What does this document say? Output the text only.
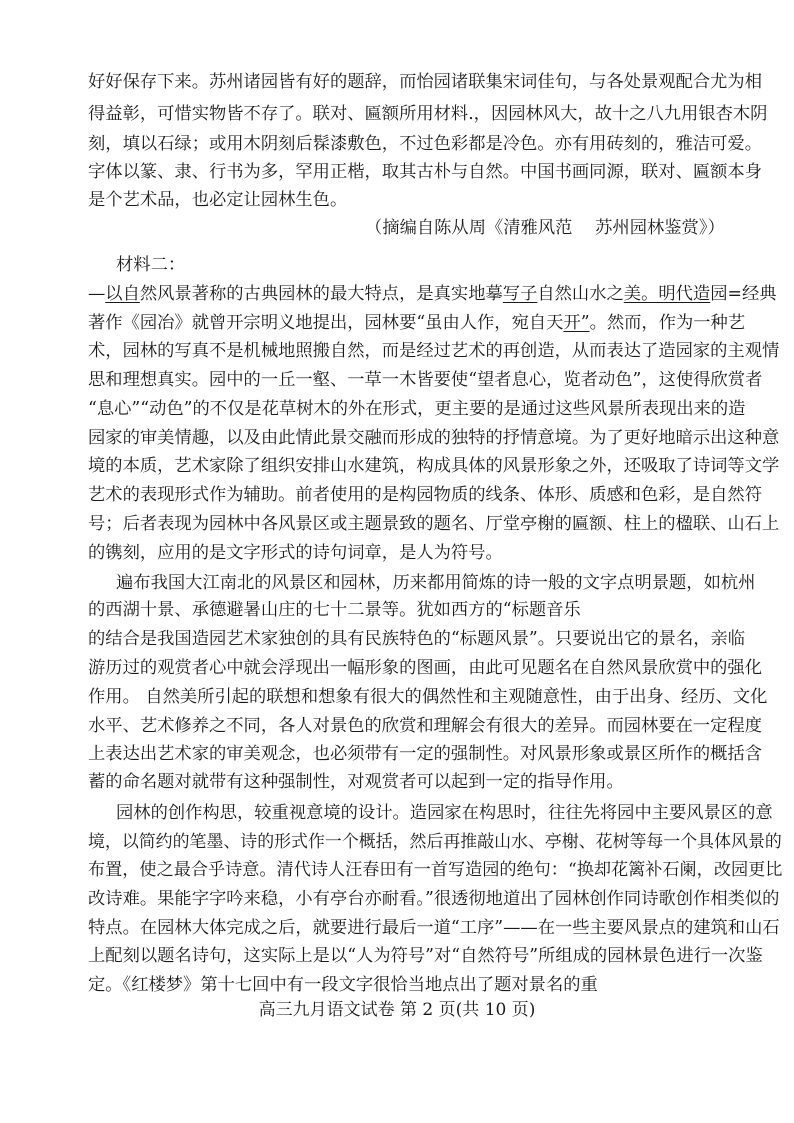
好好保存下来。苏州诸园皆有好的题辞，而怡园诸联集宋词佳句，与各处景观配合尤为相
得益彰，可惜实物皆不存了。联对、匾额所用材料.，因园林风大，故十之八九用银杏木阴
刻，填以石绿；或用木阴刻后髹漆敷色，不过色彩都是冷色。亦有用砖刻的，雅洁可爱。
字体以篆、隶、行书为多，罕用正楷，取其古朴与自然。中国书画同源，联对、匾额本身
是个艺术品，也必定让园林生色。
（摘编自陈从周《清雅风范　 苏州园林鉴赏》）
材料二：
—以自然风景著称的古典园林的最大特点，是真实地摹写子自然山水之美。明代造园=经典
著作《园冶》就曾开宗明义地提出，园林要“虽由人作，宛自天开”。然而，作为一种艺
术，园林的写真不是机械地照搬自然，而是经过艺术的再创造，从而表达了造园家的主观情
思和理想真实。园中的一丘一壑、一草一木皆要使“望者息心，览者动色”，这使得欣赏者
“息心”“动色”的不仅是花草树木的外在形式，更主要的是通过这些风景所表现出来的造
园家的审美情趣，以及由此情此景交融而形成的独特的抒情意境。为了更好地暗示出这种意
境的本质，艺术家除了组织安排山水建筑，构成具体的风景形象之外，还吸取了诗词等文学
艺术的表现形式作为辅助。前者使用的是构园物质的线条、体形、质感和色彩，是自然符
号；后者表现为园林中各风景区或主题景致的题名、厅堂亭榭的匾额、柱上的楹联、山石上
的镌刻，应用的是文字形式的诗句词章，是人为符号。
遍布我国大江南北的风景区和园林，历来都用简炼的诗一般的文字点明景题，如杭州
的西湖十景、承德避暑山庄的七十二景等。犹如西方的“标题音乐
的结合是我国造园艺术家独创的具有民族特色的“标题风景”。只要说出它的景名，亲临
游历过的观赏者心中就会浮现出一幅形象的图画，由此可见题名在自然风景欣赏中的强化
作用。 自然美所引起的联想和想象有很大的偶然性和主观随意性，由于出身、经历、文化
水平、艺术修养之不同，各人对景色的欣赏和理解会有很大的差异。而园林要在一定程度
上表达出艺术家的审美观念，也必须带有一定的强制性。对风景形象或景区所作的概括含
蓄的命名题对就带有这种强制性，对观赏者可以起到一定的指导作用。
园林的创作构思，较重视意境的设计。造园家在构思时，往往先将园中主要风景区的意
境，以简约的笔墨、诗的形式作一个概括，然后再推敲山水、亭榭、花树等每一个具体风景的
布置，使之最合乎诗意。清代诗人汪春田有一首写造园的绝句：“换却花篱补石阑，改园更比
改诗难。果能字字吟来稳，小有亭台亦耐看。”很透彻地道出了园林创作同诗歌创作相类似的
特点。在园林大体完成之后，就要进行最后一道“工序”——在一些主要风景点的建筑和山石
上配刻以题名诗句，这实际上是以“人为符号”对“自然符号”所组成的园林景色进行一次鉴
定。《红楼梦》第十七回中有一段文字很恰当地点出了题对景名的重
高三九月语文试卷 第 2 页(共 10 页)
